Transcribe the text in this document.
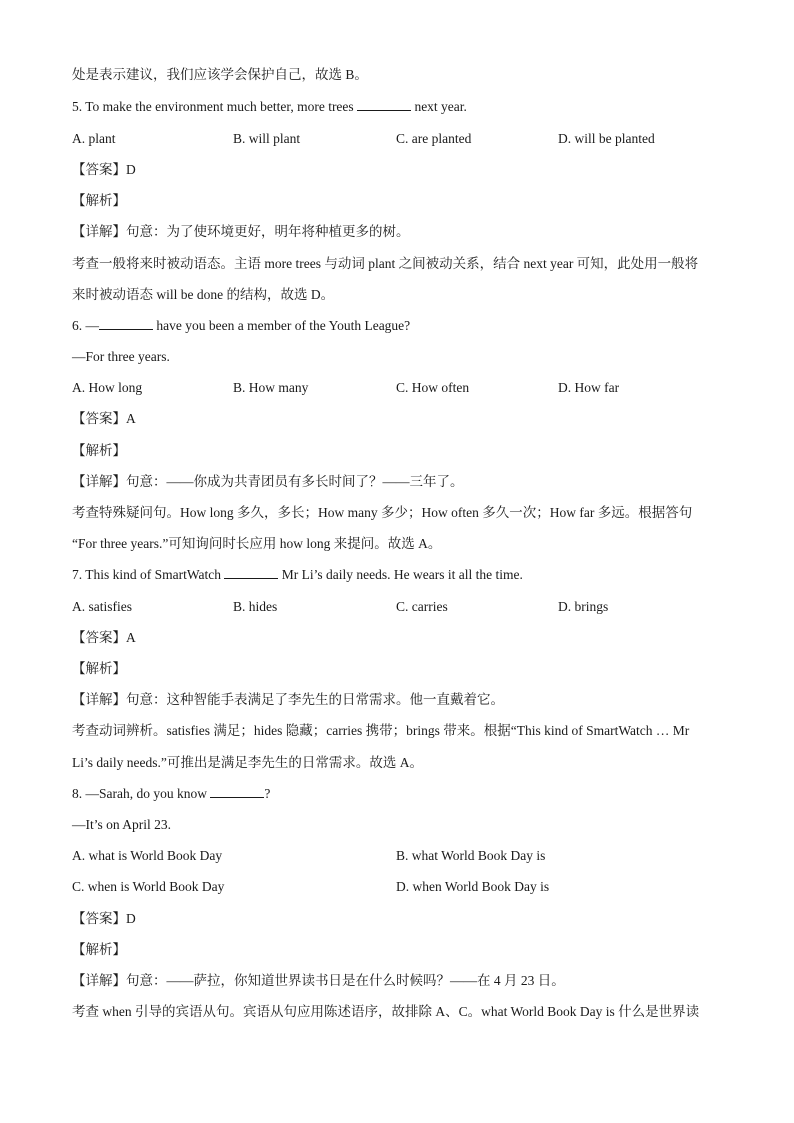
处是表示建议，我们应该学会保护自己，故选 B。
5. To make the environment much better, more trees	next year.
A. plant	B. will plant	C. are planted	D. will be planted
【答案】D
【解析】
【详解】句意：为了使环境更好，明年将种植更多的树。
考查一般将来时被动语态。主语 more trees 与动词 plant 之间被动关系，结合 next year 可知，此处用一般将
来时被动语态 will be done 的结构，故选 D。
6. —	have you been a member of the Youth League?
—For three years.
A. How long	B. How many	C. How often	D. How far
【答案】A
【解析】
【详解】句意：——你成为共青团员有多长时间了？——三年了。
考查特殊疑问句。How long 多久，多长；How many 多少；How often 多久一次；How far 多远。根据答句
“For three years.”可知询问时长应用 how long 来提问。故选 A。
7. This kind of SmartWatch	Mr Li’s daily needs. He wears it all the time.
A. satisfies	B. hides	C. carries	D. brings
【答案】A
【解析】
【详解】句意：这种智能手表满足了李先生的日常需求。他一直戴着它。
考查动词辨析。satisfies 满足；hides 隐藏；carries 携带；brings 带来。根据“This kind of SmartWatch … Mr
Li’s daily needs.”可推出是满足李先生的日常需求。故选 A。
8. —Sarah, do you know	?
—It’s on April 23.
A. what is World Book Day	B. what World Book Day is
C. when is World Book Day	D. when World Book Day is
【答案】D
【解析】
【详解】句意：——萨拉，你知道世界读书日是在什么时候吗？——在 4 月 23 日。
考查 when 引导的宾语从句。宾语从句应用陈述语序，故排除 A、C。what World Book Day is 什么是世界读
